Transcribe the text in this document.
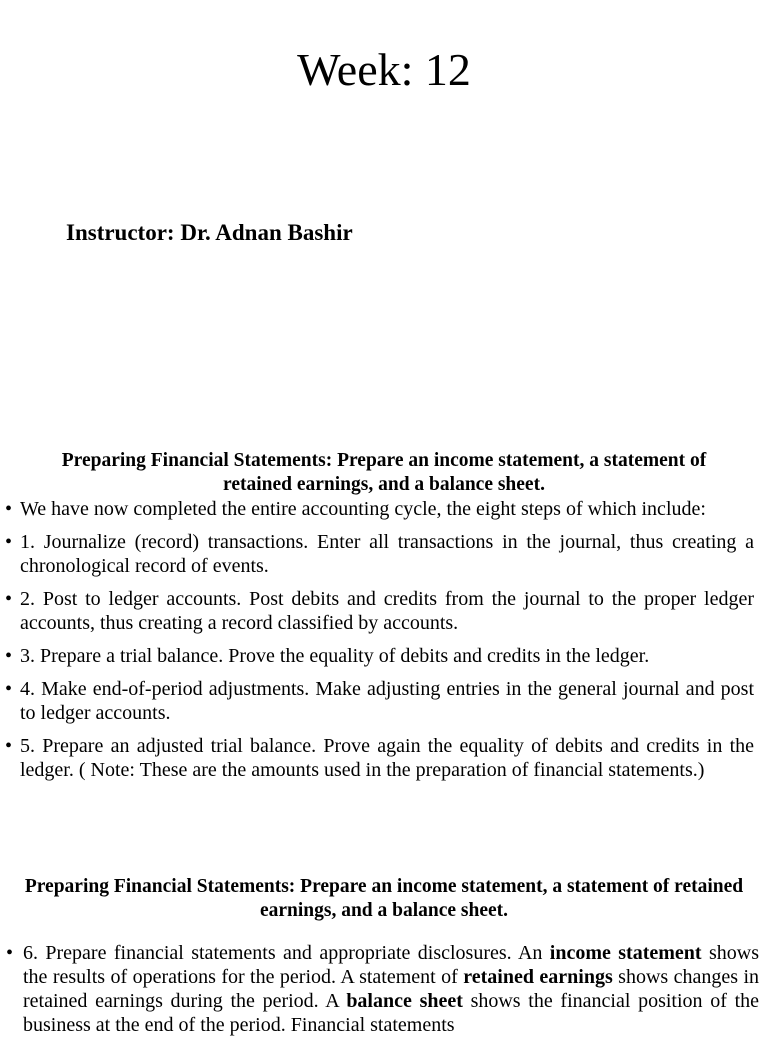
Week: 12

Instructor: Dr. Adnan Bashir

Preparing Financial Statements: Prepare an income statement, a statement of retained earnings, and a balance sheet.

• We have now completed the entire accounting cycle, the eight steps of which include:
• 1. Journalize (record) transactions. Enter all transactions in the journal, thus creating a chronological record of events.
• 2. Post to ledger accounts. Post debits and credits from the journal to the proper ledger accounts, thus creating a record classified by accounts.
• 3. Prepare a trial balance. Prove the equality of debits and credits in the ledger.
• 4. Make end-of-period adjustments. Make adjusting entries in the general journal and post to ledger accounts.
• 5. Prepare an adjusted trial balance. Prove again the equality of debits and credits in the ledger. ( Note: These are the amounts used in the preparation of financial statements.)

Preparing Financial Statements: Prepare an income statement, a statement of retained earnings, and a balance sheet.

• 6. Prepare financial statements and appropriate disclosures. An income statement shows the results of operations for the period. A statement of retained earnings shows changes in retained earnings during the period. A balance sheet shows the financial position of the business at the end of the period. Financial statements
